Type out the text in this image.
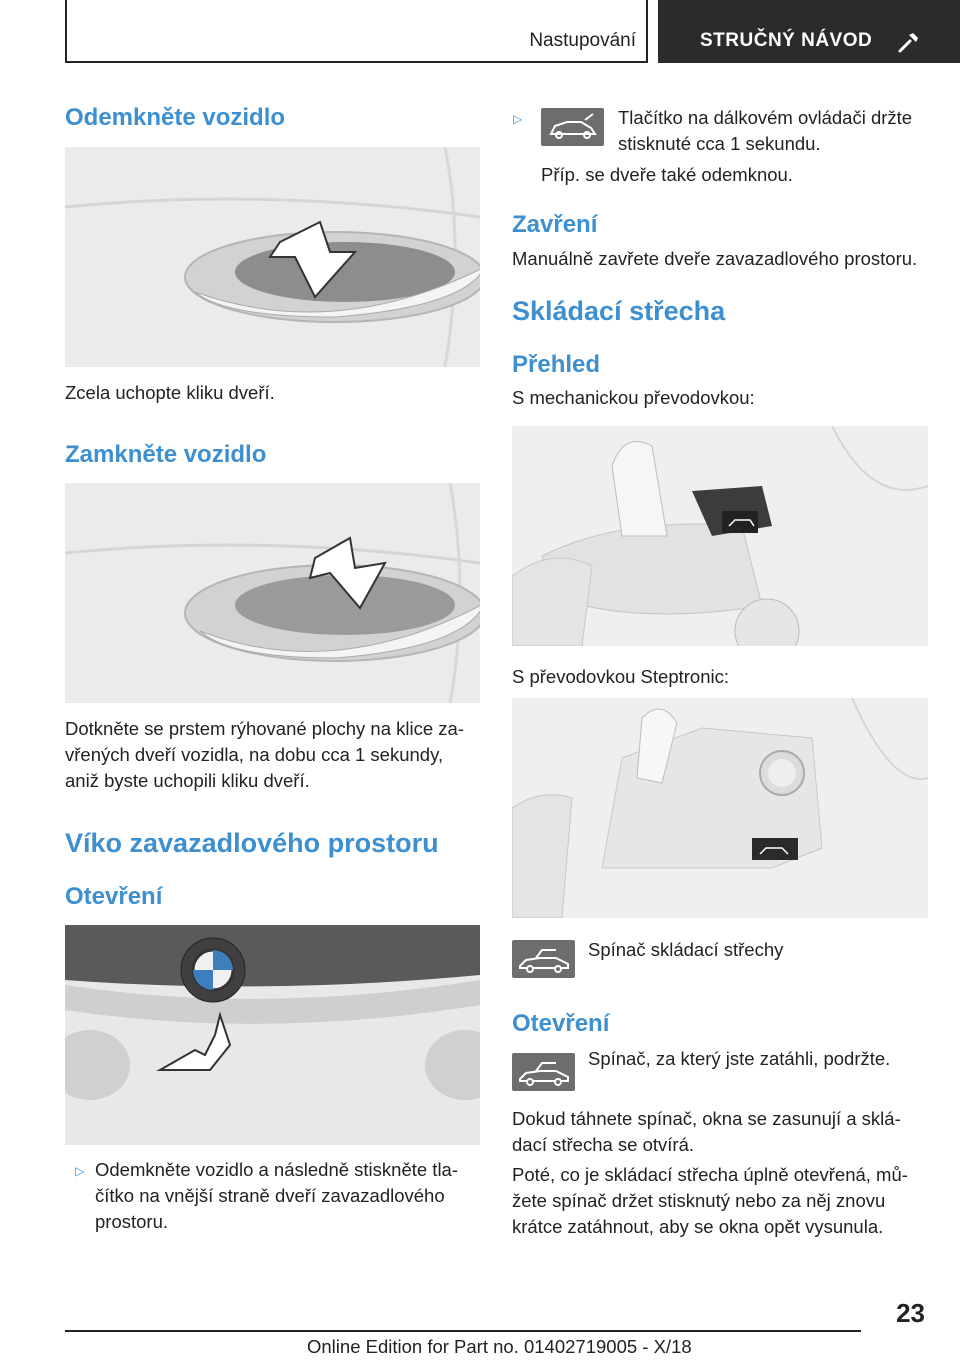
Nastupování	STRUČNÝ NÁVOD
Odemkněte vozidlo
Zcela uchopte kliku dveří.
Zamkněte vozidlo
Dotkněte se prstem rýhované plochy na klice za-
vřených dveří vozidla, na dobu cca 1 sekundy,
aniž byste uchopili kliku dveří.
Víko zavazadlového prostoru
Otevření
▷ Odemkněte vozidlo a následně stiskněte tla-
čítko na vnější straně dveří zavazadlového
prostoru.
▷	Tlačítko na dálkovém ovládači držte
stisknuté cca 1 sekundu.
Příp. se dveře také odemknou.
Zavření
Manuálně zavřete dveře zavazadlového prostoru.
Skládací střecha
Přehled
S mechanickou převodovkou:
S převodovkou Steptronic:
Spínač skládací střechy
Otevření
Spínač, za který jste zatáhli, podržte.
Dokud táhnete spínač, okna se zasunují a sklá-
dací střecha se otvírá.
Poté, co je skládací střecha úplně otevřená, mů-
žete spínač držet stisknutý nebo za něj znovu
krátce zatáhnout, aby se okna opět vysunula.
23
Online Edition for Part no. 01402719005 - X/18
